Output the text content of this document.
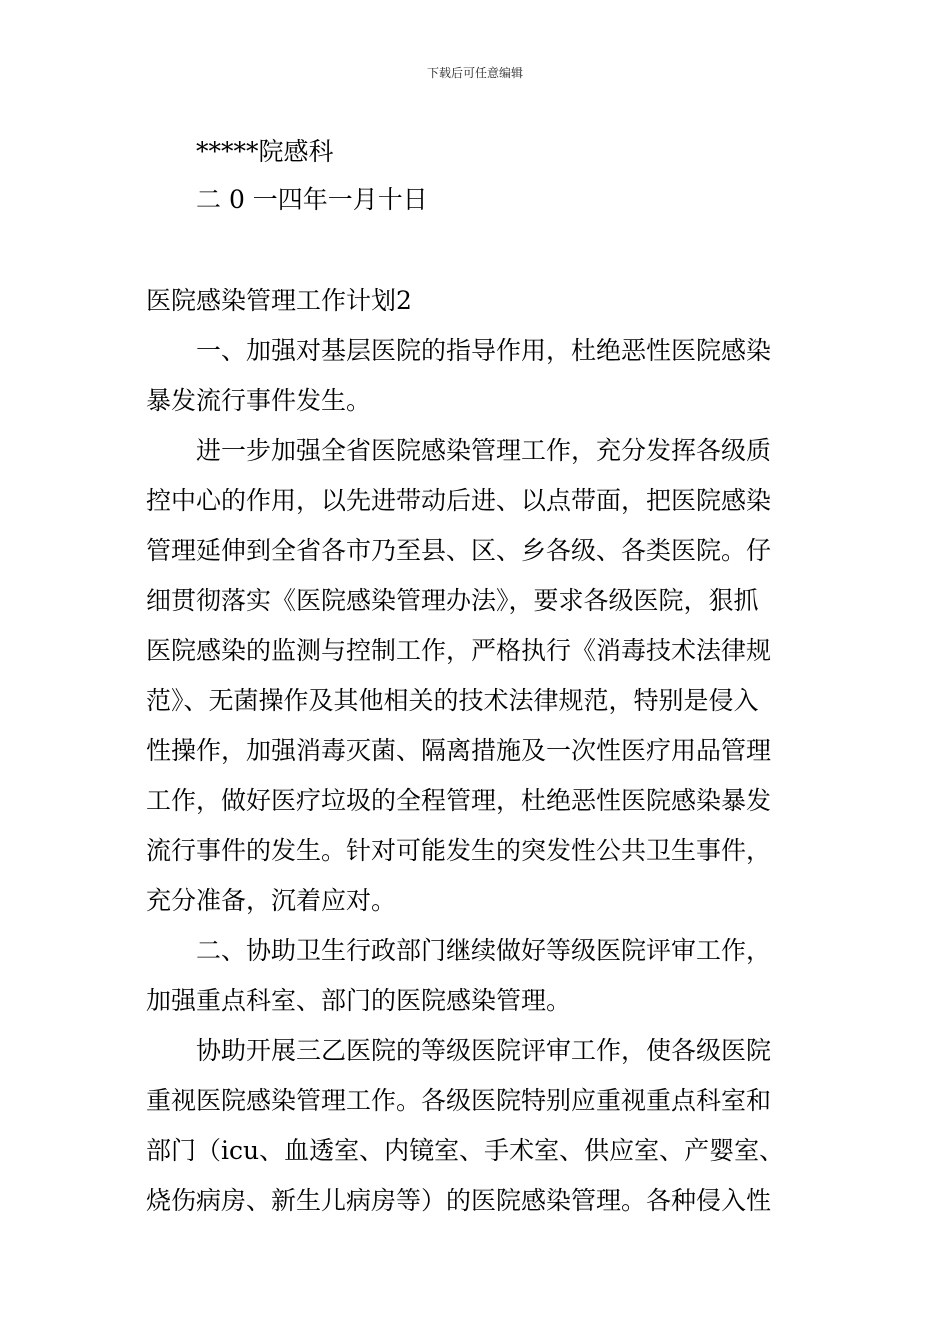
下载后可任意编辑
*****院感科
二 0 一四年一月十日
医院感染管理工作计划2
一、加强对基层医院的指导作用，杜绝恶性医院感染
暴发流行事件发生。
进一步加强全省医院感染管理工作，充分发挥各级质
控中心的作用，以先进带动后进、以点带面，把医院感染
管理延伸到全省各市乃至县、区、乡各级、各类医院。仔
细贯彻落实《医院感染管理办法》，要求各级医院，狠抓
医院感染的监测与控制工作，严格执行《消毒技术法律规
范》、无菌操作及其他相关的技术法律规范，特别是侵入
性操作，加强消毒灭菌、隔离措施及一次性医疗用品管理
工作，做好医疗垃圾的全程管理，杜绝恶性医院感染暴发
流行事件的发生。针对可能发生的突发性公共卫生事件，
充分准备，沉着应对。
二、协助卫生行政部门继续做好等级医院评审工作，
加强重点科室、部门的医院感染管理。
协助开展三乙医院的等级医院评审工作，使各级医院
重视医院感染管理工作。各级医院特别应重视重点科室和
部门（icu、血透室、内镜室、手术室、供应室、产婴室、
烧伤病房、新生儿病房等）的医院感染管理。各种侵入性
